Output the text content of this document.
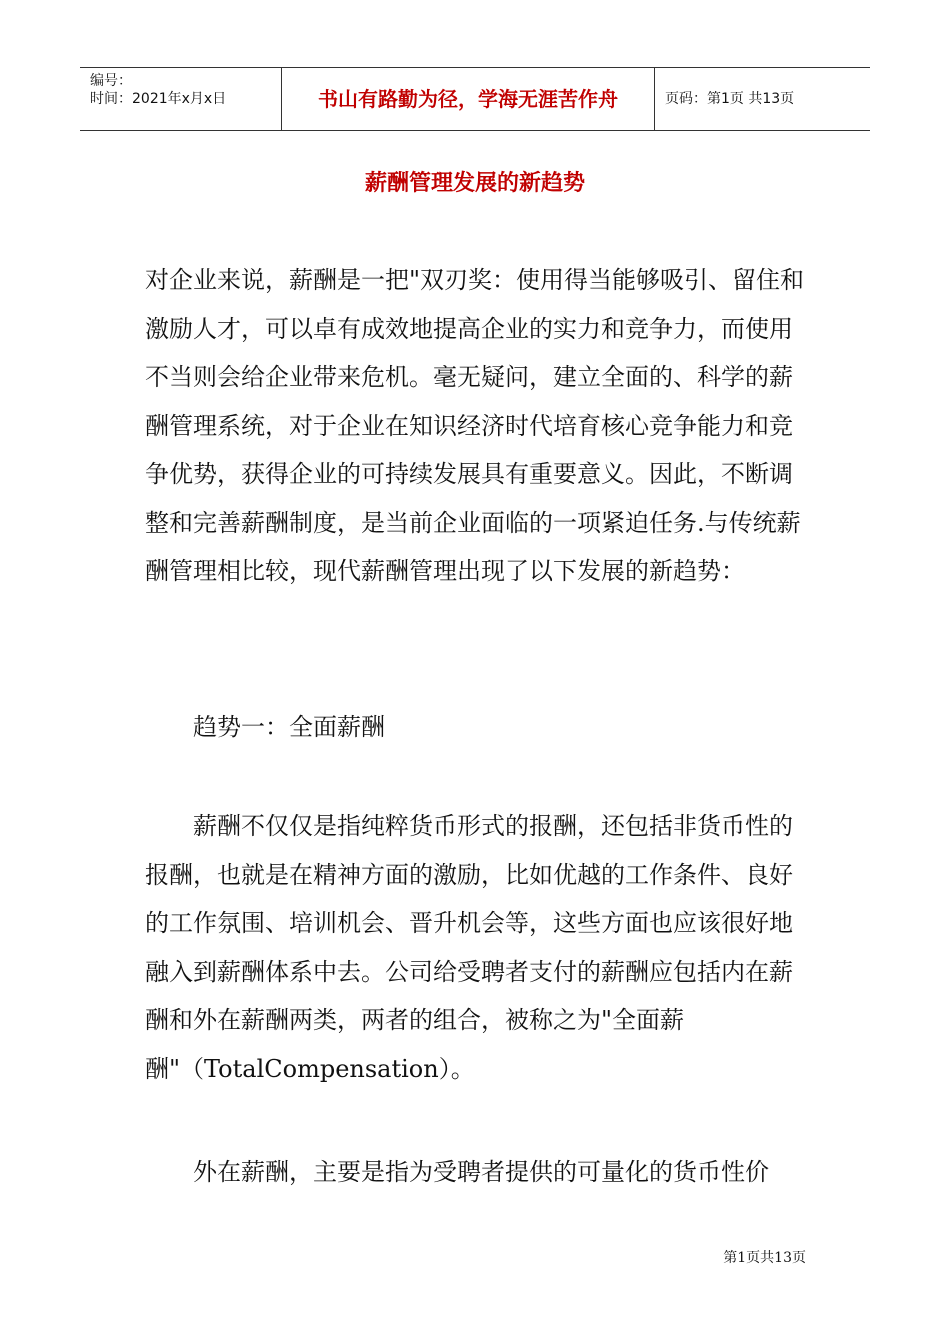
编号：
时间：2021年x月x日	书山有路勤为径，学海无涯苦作舟	页码：第1页 共13页
薪酬管理发展的新趋势
对企业来说，薪酬是一把"双刃奖：使用得当能够吸引、留住和激励人才，可以卓有成效地提高企业的实力和竞争力，而使用不当则会给企业带来危机。毫无疑问，建立全面的、科学的薪酬管理系统，对于企业在知识经济时代培育核心竞争能力和竞争优势，获得企业的可持续发展具有重要意义。因此，不断调整和完善薪酬制度，是当前企业面临的一项紧迫任务.与传统薪酬管理相比较，现代薪酬管理出现了以下发展的新趋势：
趋势一：全面薪酬
薪酬不仅仅是指纯粹货币形式的报酬，还包括非货币性的报酬，也就是在精神方面的激励，比如优越的工作条件、良好的工作氛围、培训机会、晋升机会等，这些方面也应该很好地融入到薪酬体系中去。公司给受聘者支付的薪酬应包括内在薪酬和外在薪酬两类，两者的组合，被称之为"全面薪酬"（TotalCompensation）。
外在薪酬，主要是指为受聘者提供的可量化的货币性价
第1页共13页
